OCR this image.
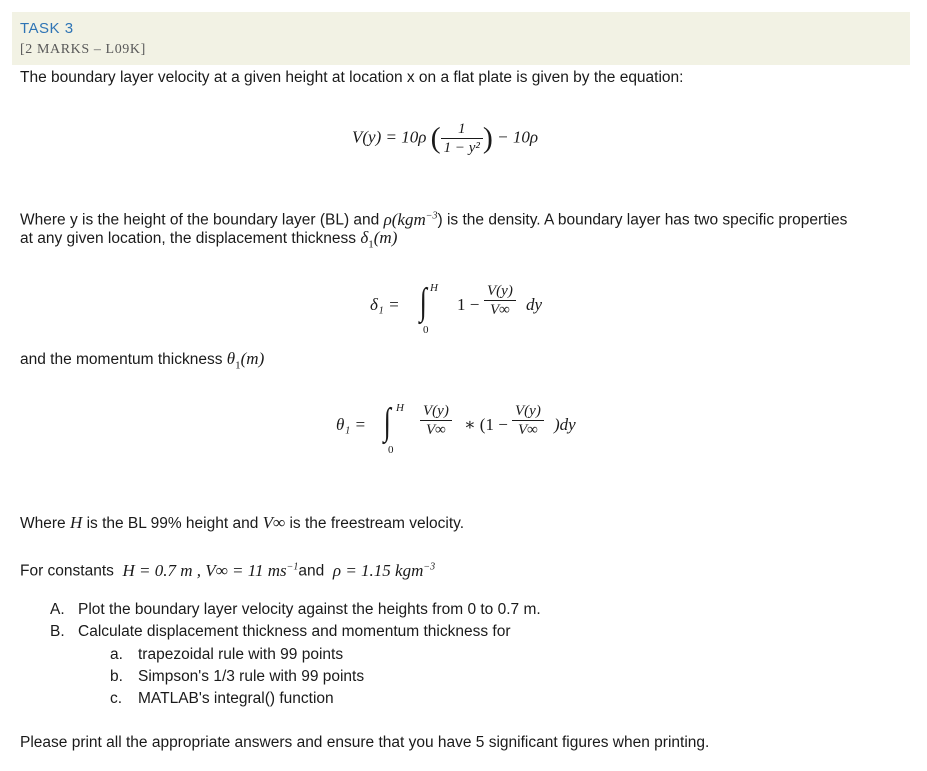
TASK 3
[2 MARKS – L09K]
The boundary layer velocity at a given height at location x on a flat plate is given by the equation:
V(y) = 10ρ ( $\frac{1}{\text{1 − y²}}$ ) − 10ρ
Where y is the height of the boundary layer (BL) and ρ(kgm$^{-3}$) is the density. A boundary layer has two specific properties
at any given location, the displacement thickness $\delta_1(m)$
δ₁ = ∫ H
0
$1 - \frac{V(y)}{V\infty}$ dy
and the momentum thickness $\theta_1(m)$
θ₁ = ∫ H
0
$\frac{V(y)}{V\infty}$ ∗ $(1 - \frac{V(y)}{V\infty} )dy$
Where H is the BL 99% height and V∞ is the freestream velocity.
For constants H = 0.7 m , V∞ = 11 $ms^{-1}and$ ρ = 1.15 kgm$^{-3}$
A. Plot the boundary layer velocity against the heights from 0 to 0.7 m.
B. Calculate displacement thickness and momentum thickness for
a. trapezoidal rule with 99 points
b. Simpson's 1/3 rule with 99 points
c. MATLAB's integral() function
Please print all the appropriate answers and ensure that you have 5 significant figures when printing.
